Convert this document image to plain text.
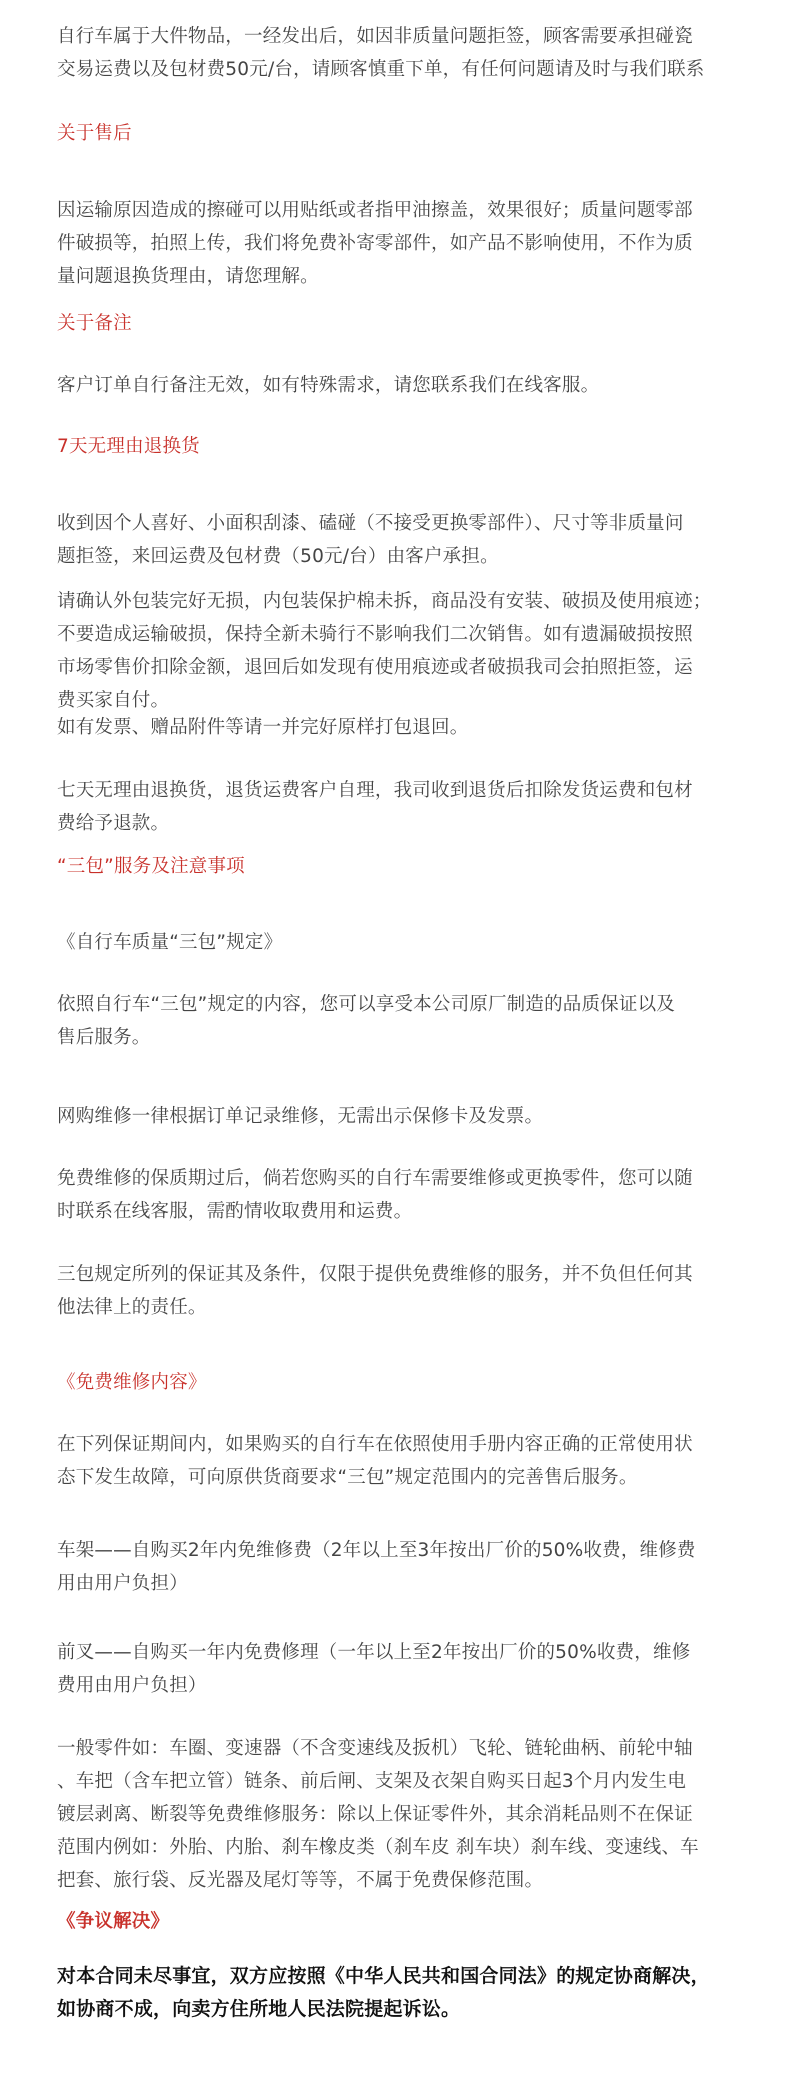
自行车属于大件物品，一经发出后，如因非质量问题拒签，顾客需要承担碰瓷
交易运费以及包材费50元/台，请顾客慎重下单，有任何问题请及时与我们联系
关于售后
因运输原因造成的擦碰可以用贴纸或者指甲油擦盖，效果很好；质量问题零部
件破损等，拍照上传，我们将免费补寄零部件，如产品不影响使用，不作为质
量问题退换货理由，请您理解。
关于备注
客户订单自行备注无效，如有特殊需求，请您联系我们在线客服。
7天无理由退换货
收到因个人喜好、小面积刮漆、磕碰（不接受更换零部件）、尺寸等非质量问
题拒签，来回运费及包材费（50元/台）由客户承担。
请确认外包装完好无损，内包装保护棉未拆，商品没有安装、破损及使用痕迹；
不要造成运输破损，保持全新未骑行不影响我们二次销售。如有遗漏破损按照
市场零售价扣除金额，退回后如发现有使用痕迹或者破损我司会拍照拒签，运
费买家自付。
如有发票、赠品附件等请一并完好原样打包退回。
七天无理由退换货，退货运费客户自理，我司收到退货后扣除发货运费和包材
费给予退款。
“三包”服务及注意事项
《自行车质量“三包”规定》
依照自行车“三包”规定的内容，您可以享受本公司原厂制造的品质保证以及
售后服务。
网购维修一律根据订单记录维修，无需出示保修卡及发票。
免费维修的保质期过后，倘若您购买的自行车需要维修或更换零件，您可以随
时联系在线客服，需酌情收取费用和运费。
三包规定所列的保证其及条件，仅限于提供免费维修的服务，并不负但任何其
他法律上的责任。
《免费维修内容》
在下列保证期间内，如果购买的自行车在依照使用手册内容正确的正常使用状
态下发生故障，可向原供货商要求“三包”规定范围内的完善售后服务。
车架——自购买2年内免维修费（2年以上至3年按出厂价的50%收费，维修费
用由用户负担）
前叉——自购买一年内免费修理（一年以上至2年按出厂价的50%收费，维修
费用由用户负担）
一般零件如：车圈、变速器（不含变速线及扳机）飞轮、链轮曲柄、前轮中轴
、车把（含车把立管）链条、前后闸、支架及衣架自购买日起3个月内发生电
镀层剥离、断裂等免费维修服务：除以上保证零件外，其余消耗品则不在保证
范围内例如：外胎、内胎、刹车橡皮类（刹车皮 刹车块）刹车线、变速线、车
把套、旅行袋、反光器及尾灯等等，不属于免费保修范围。
《争议解决》
对本合同未尽事宜，双方应按照《中华人民共和国合同法》的规定协商解决，
如协商不成，向卖方住所地人民法院提起诉讼。
